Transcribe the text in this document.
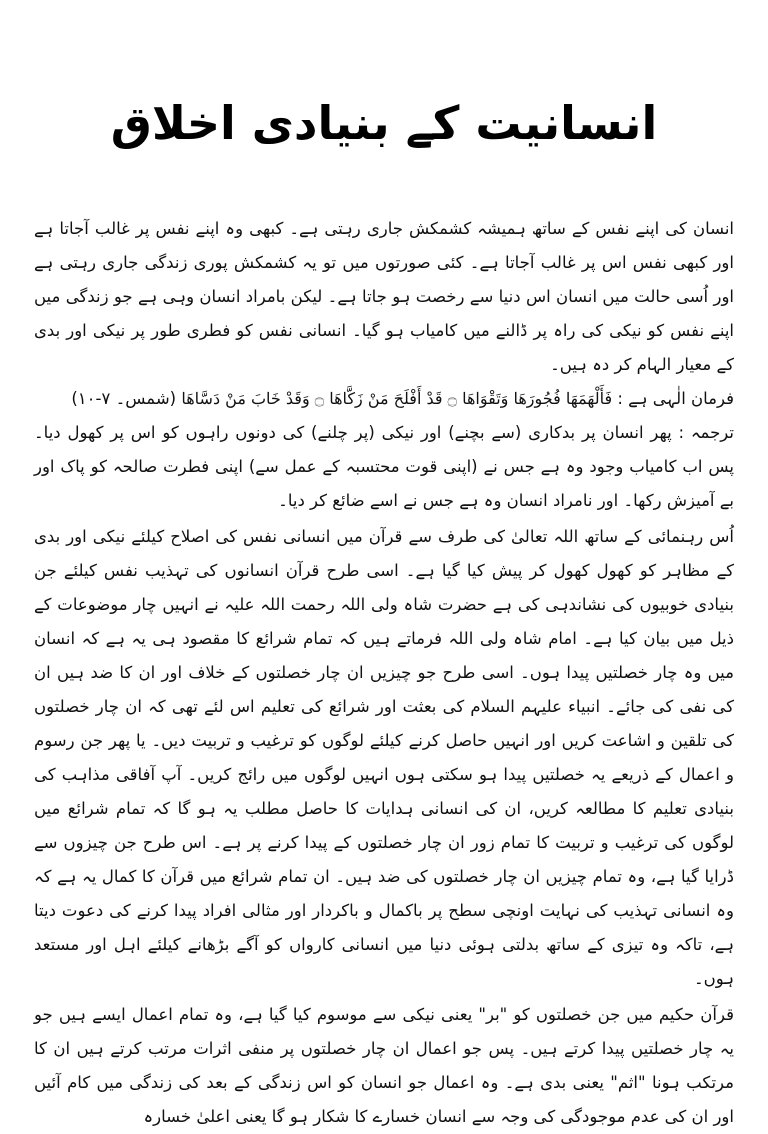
انسانیت کے بنیادی اخلاق

انسان کی اپنے نفس کے ساتھ ہمیشہ کشمکش جاری رہتی ہے۔ کبھی وہ اپنے نفس پر غالب آجاتا ہے اور کبھی نفس اس پر غالب آجاتا ہے۔ کئی صورتوں میں تو یہ کشمکش پوری زندگی جاری رہتی ہے اور اُسی حالت میں انسان اس دنیا سے رخصت ہو جاتا ہے۔ لیکن بامراد انسان وہی ہے جو زندگی میں اپنے نفس کو نیکی کی راہ پر ڈالنے میں کامیاب ہو گیا۔ انسانی نفس کو فطری طور پر نیکی اور بدی کے معیار الہام کر دہ ہیں۔

فرمان الٰہی ہے : فَأَلْهَمَهَا فُجُورَهَا وَتَقْوَاهَا ۝ قَدْ أَفْلَحَ مَنْ زَكَّاهَا ۝ وَقَدْ خَابَ مَنْ دَسَّاهَا (شمس۔ ۷-۱۰)

ترجمہ : پھر انسان پر بدکاری (سے بچنے) اور نیکی (پر چلنے) کی دونوں راہوں کو اس پر کھول دیا۔ پس اب کامیاب وجود وہ ہے جس نے (اپنی قوت محتسبہ کے عمل سے) اپنی فطرت صالحہ کو پاک اور بے آمیزش رکھا۔ اور نامراد انسان وہ ہے جس نے اسے ضائع کر دیا۔

اُس رہنمائی کے ساتھ اللہ تعالیٰ کی طرف سے قرآن میں انسانی نفس کی اصلاح کیلئے نیکی اور بدی کے مظاہر کو کھول کھول کر پیش کیا گیا ہے۔ اسی طرح قرآن انسانوں کی تہذیب نفس کیلئے جن بنیادی خوبیوں کی نشاندہی کی ہے حضرت شاہ ولی اللہ رحمت اللہ علیہ نے انہیں چار موضوعات کے ذیل میں بیان کیا ہے۔ امام شاہ ولی اللہ فرماتے ہیں کہ تمام شرائع کا مقصود ہی یہ ہے کہ انسان میں وہ چار خصلتیں پیدا ہوں۔ اسی طرح جو چیزیں ان چار خصلتوں کے خلاف اور ان کا ضد ہیں ان کی نفی کی جائے۔ انبیاء علیہم السلام کی بعثت اور شرائع کی تعلیم اس لئے تھی کہ ان چار خصلتوں کی تلقین و اشاعت کریں اور انہیں حاصل کرنے کیلئے لوگوں کو ترغیب و تربیت دیں۔ یا پھر جن رسوم و اعمال کے ذریعے یہ خصلتیں پیدا ہو سکتی ہوں انہیں لوگوں میں رائج کریں۔ آپ آفاقی مذاہب کی بنیادی تعلیم کا مطالعہ کریں، ان کی انسانی ہدایات کا حاصل مطلب یہ ہو گا کہ تمام شرائع میں لوگوں کی ترغیب و تربیت کا تمام زور ان چار خصلتوں کے پیدا کرنے پر ہے۔ اس طرح جن چیزوں سے ڈرایا گیا ہے، وہ تمام چیزیں ان چار خصلتوں کی ضد ہیں۔ ان تمام شرائع میں قرآن کا کمال یہ ہے کہ وہ انسانی تہذیب کی نہایت اونچی سطح پر باکمال و باکردار اور مثالی افراد پیدا کرنے کی دعوت دیتا ہے، تاکہ وہ تیزی کے ساتھ بدلتی ہوئی دنیا میں انسانی کارواں کو آگے بڑھانے کیلئے اہل اور مستعد ہوں۔

قرآن حکیم میں جن خصلتوں کو "بر" یعنی نیکی سے موسوم کیا گیا ہے، وہ تمام اعمال ایسے ہیں جو یہ چار خصلتیں پیدا کرتے ہیں۔ پس جو اعمال ان چار خصلتوں پر منفی اثرات مرتب کرتے ہیں ان کا مرتکب ہونا "اثم" یعنی بدی ہے۔ وہ اعمال جو انسان کو اس زندگی کے بعد کی زندگی میں کام آئیں اور ان کی عدم موجودگی کی وجہ سے انسان خسارے کا شکار ہو گا یعنی اعلیٰ خسارہ
